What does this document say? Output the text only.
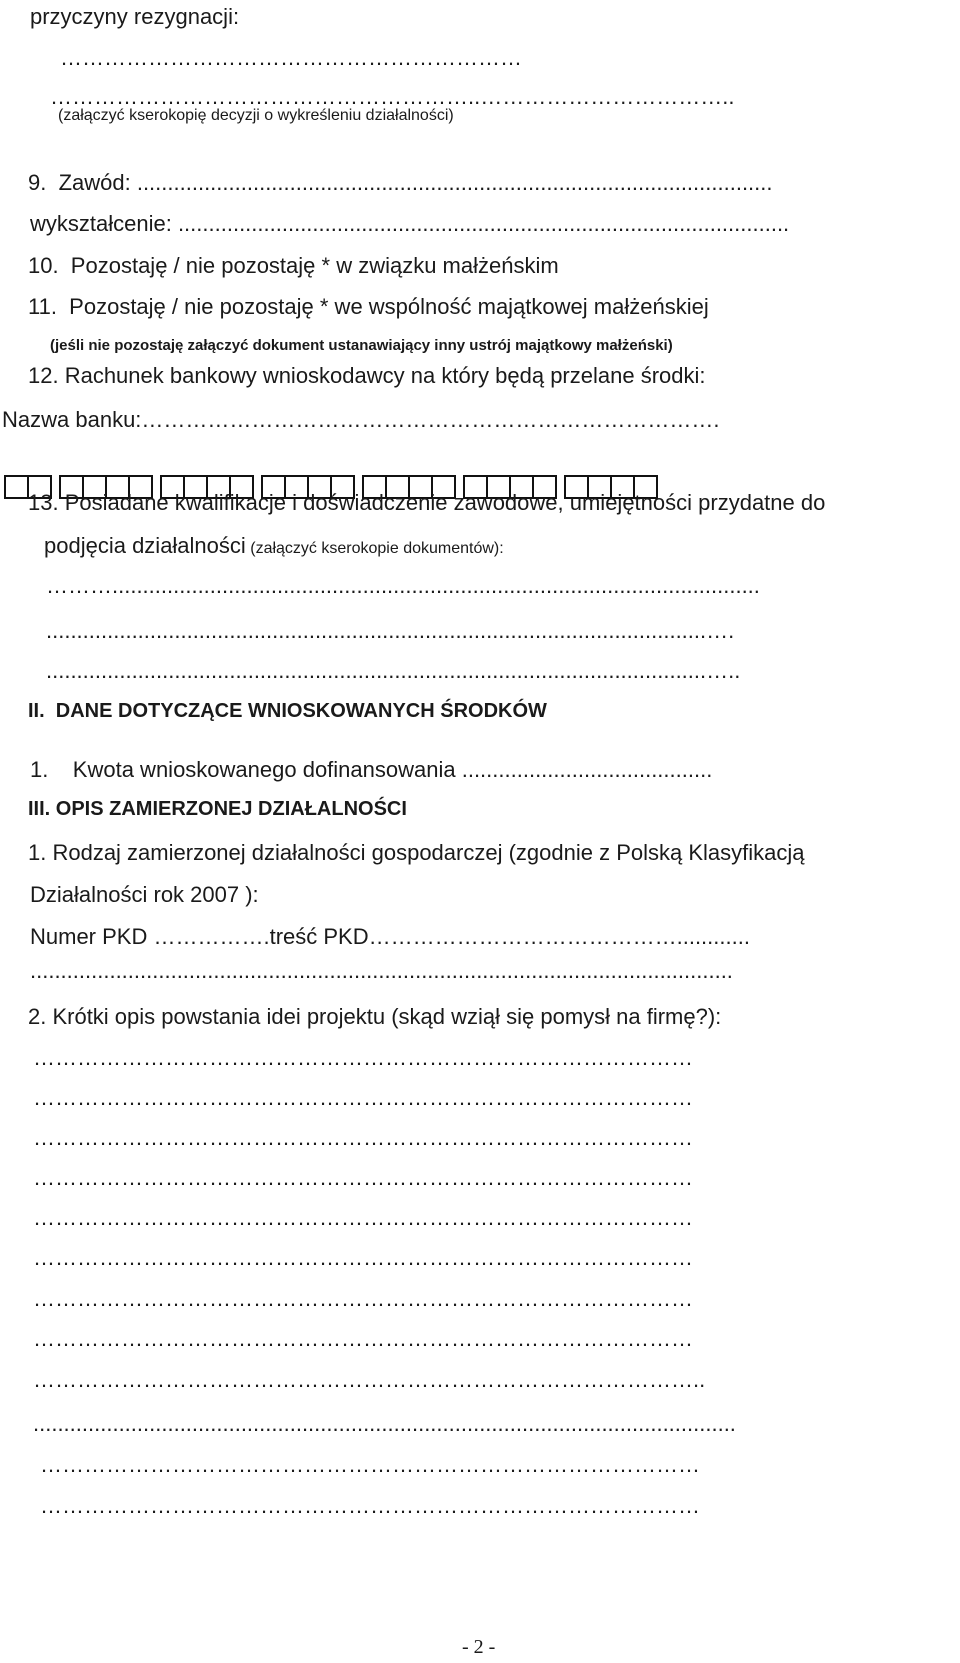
przyczyny rezygnacji:
………………………………………………………
…………………………………………………..……………………………..
(załączyć kserokopię decyzji o wykreśleniu działalności)
9.  Zawód: ........................................................................................................
wykształcenie: ....................................................................................................
10.  Pozostaję / nie pozostaję * w związku małżeńskim
11.  Pozostaję / nie pozostaję * we wspólność majątkowej małżeńskiej
(jeśli nie pozostaję załączyć dokument ustanawiający inny ustrój majątkowy małżeński)
12. Rachunek bankowy wnioskodawcy na który będą przelane środki:
Nazwa banku:…………………………………………………………………….
13. Posiadane kwalifikacje i doświadczenie zawodowe, umiejętności przydatne do
podjęcia działalności (załączyć kserokopie dokumentów):
………..........................................................................................................
............................................................................................................….
............................................................................................................…..
II.  DANE DOTYCZĄCE WNIOSKOWANYCH ŚRODKÓW
1.    Kwota wnioskowanego dofinansowania .........................................
III. OPIS ZAMIERZONEJ DZIAŁALNOŚCI
1. Rodzaj zamierzonej działalności gospodarczej (zgodnie z Polską Klasyfikacją
Działalności rok 2007 ):
Numer PKD …………….treść PKD……………………………………............
...................................................................................................................
2. Krótki opis powstania idei projektu (skąd wziął się pomysł na firmę?):
………………………………………………………………………………
………………………………………………………………………………
………………………………………………………………………………
………………………………………………………………………………
………………………………………………………………………………
………………………………………………………………………………
………………………………………………………………………………
………………………………………………………………………………
………………………………………………………………………………..
...................................................................................................................
………………………………………………………………………………
………………………………………………………………………………
- 2 -
